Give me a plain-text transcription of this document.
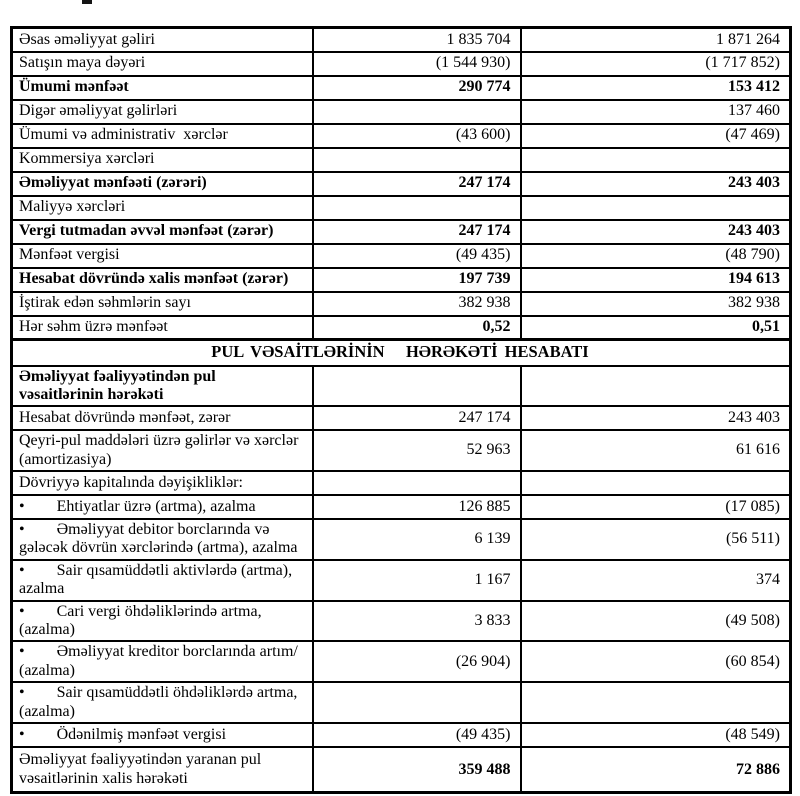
Əsas əməliyyat gəliri	1 835 704	1 871 264
Satışın maya dəyəri	(1 544 930)	(1 717 852)
Ümumi mənfəət	290 774	153 412
Digər əməliyyat gəlirləri		137 460
Ümumi və administrativ  xərclər	(43 600)	(47 469)
Kommersiya xərcləri		
Əməliyyat mənfəəti (zərəri)	247 174	243 403
Maliyyə xərcləri		
Vergi tutmadan əvvəl mənfəət (zərər)	247 174	243 403
Mənfəət vergisi	(49 435)	(48 790)
Hesabat dövründə xalis mənfəət (zərər)	197 739	194 613
İştirak edən səhmlərin sayı	382 938	382 938
Hər səhm üzrə mənfəət	0,52	0,51
PUL VƏSAİTLƏRİNİN   HƏRƏKƏTİ HESABATI		
Əməliyyat fəaliyyətindən pul vəsaitlərinin hərəkəti		
Hesabat dövründə mənfəət, zərər	247 174	243 403
Qeyri-pul maddələri üzrə gəlirlər və xərclər (amortizasiya)	52 963	61 616
Dövriyyə kapitalında dəyişikliklər:		
•        Ehtiyatlar üzrə (artma), azalma	126 885	(17 085)
•        Əməliyyat debitor borclarında və gələcək dövrün xərclərində (artma), azalma	6 139	(56 511)
•        Sair qısamüddətli aktivlərdə (artma), azalma	1 167	374
•        Cari vergi öhdəliklərində artma, (azalma)	3 833	(49 508)
•        Əməliyyat kreditor borclarında artım/ (azalma)	(26 904)	(60 854)
•        Sair qısamüddətli öhdəliklərdə artma, (azalma)		
•        Ödənilmiş mənfəət vergisi	(49 435)	(48 549)
Əməliyyat fəaliyyətindən yaranan pul vəsaitlərinin xalis hərəkəti	359 488	72 886
